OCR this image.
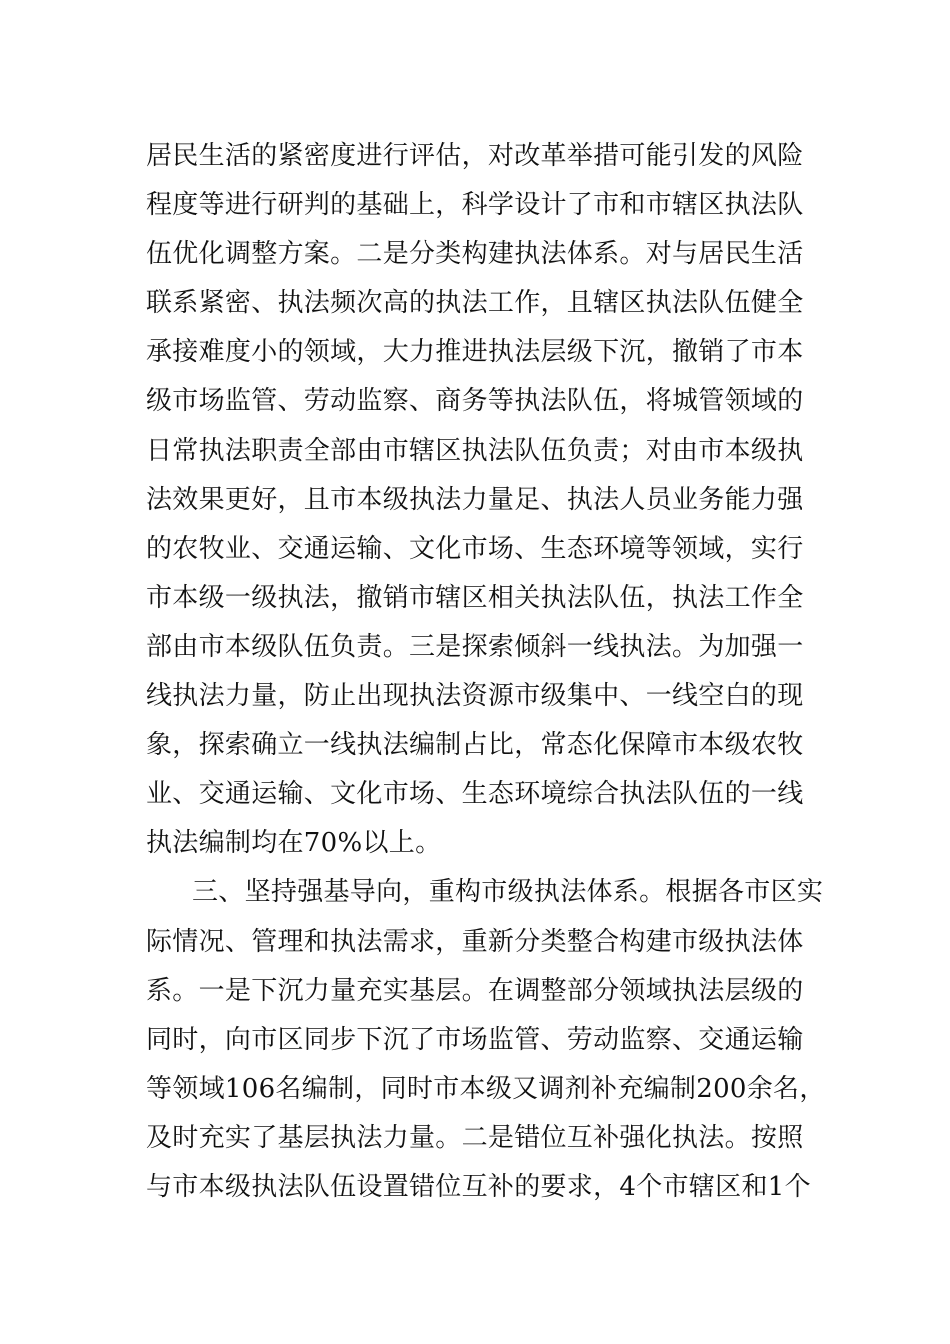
居民生活的紧密度进行评估，对改革举措可能引发的风险
程度等进行研判的基础上，科学设计了市和市辖区执法队
伍优化调整方案。二是分类构建执法体系。对与居民生活
联系紧密、执法频次高的执法工作，且辖区执法队伍健全
承接难度小的领域，大力推进执法层级下沉，撤销了市本
级市场监管、劳动监察、商务等执法队伍，将城管领域的
日常执法职责全部由市辖区执法队伍负责；对由市本级执
法效果更好，且市本级执法力量足、执法人员业务能力强
的农牧业、交通运输、文化市场、生态环境等领域，实行
市本级一级执法，撤销市辖区相关执法队伍，执法工作全
部由市本级队伍负责。三是探索倾斜一线执法。为加强一
线执法力量，防止出现执法资源市级集中、一线空白的现
象，探索确立一线执法编制占比，常态化保障市本级农牧
业、交通运输、文化市场、生态环境综合执法队伍的一线
执法编制均在70%以上。
三、坚持强基导向，重构市级执法体系。根据各市区实
际情况、管理和执法需求，重新分类整合构建市级执法体
系。一是下沉力量充实基层。在调整部分领域执法层级的
同时，向市区同步下沉了市场监管、劳动监察、交通运输
等领域106名编制，同时市本级又调剂补充编制200余名，
及时充实了基层执法力量。二是错位互补强化执法。按照
与市本级执法队伍设置错位互补的要求，4个市辖区和1个
